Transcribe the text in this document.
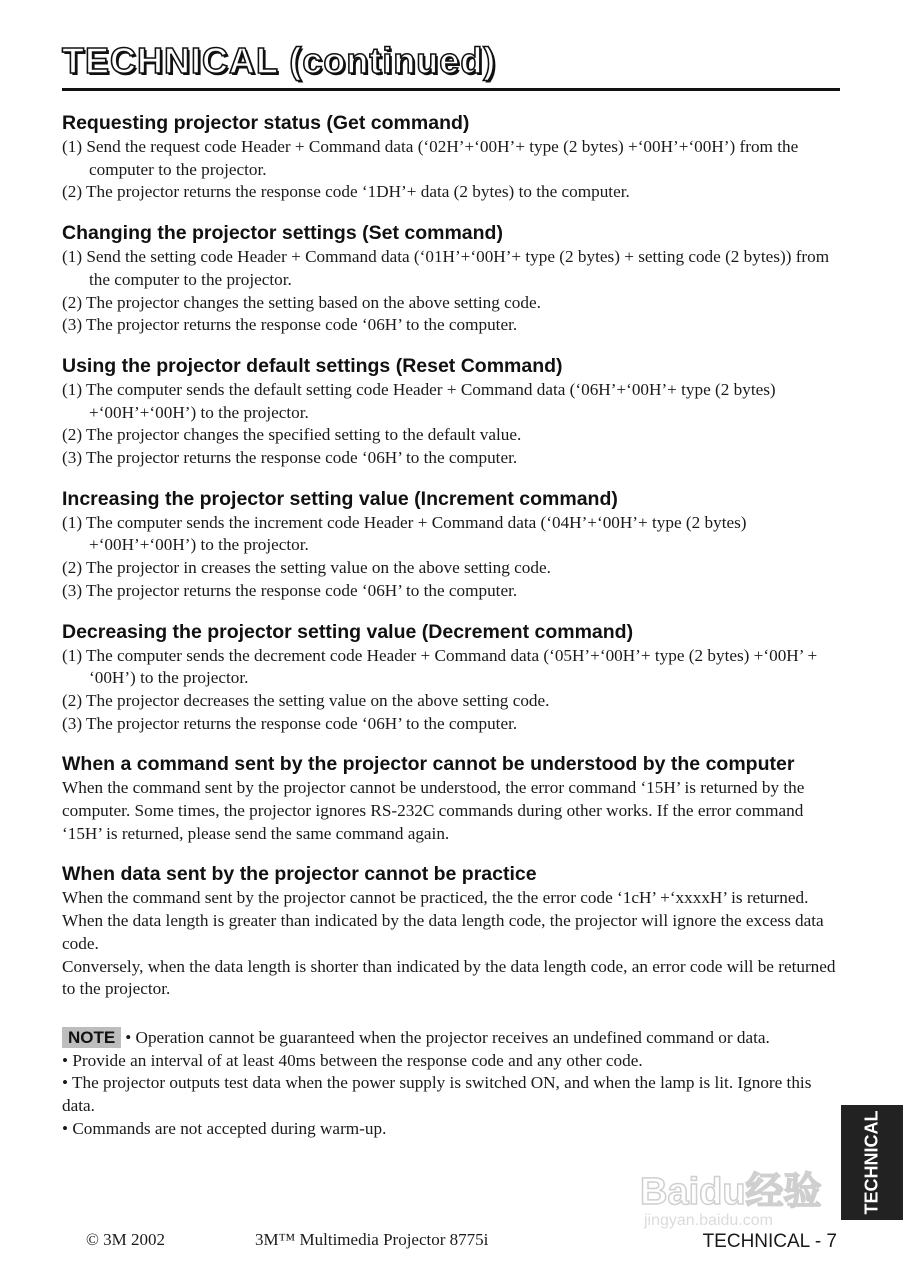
TECHNICAL (continued)
Requesting projector status (Get command)

(1) Send the request code Header + Command data (‘02H’+‘00H’+ type (2 bytes) +‘00H’+‘00H’) from the computer to the projector.

(2) The projector returns the response code ‘1DH’+ data (2 bytes) to the computer.

Changing the projector settings (Set command)

(1) Send the setting code Header + Command data (‘01H’+‘00H’+ type (2 bytes) + setting code (2 bytes)) from the computer to the projector.

(2) The projector changes the setting based on the above setting code.

(3) The projector returns the response code ‘06H’ to the computer.

Using the projector default settings (Reset Command)

(1) The computer sends the default setting code Header + Command data (‘06H’+‘00H’+ type (2 bytes) +‘00H’+‘00H’) to the projector.

(2) The projector changes the specified setting to the default value.

(3) The projector returns the response code ‘06H’ to the computer.

Increasing the projector setting value (Increment command)

(1) The computer sends the increment code Header + Command data (‘04H’+‘00H’+ type (2 bytes) +‘00H’+‘00H’) to the projector.

(2) The projector in creases the setting value on the above setting code.

(3) The projector returns the response code ‘06H’ to the computer.

Decreasing the projector setting value (Decrement command)

(1) The computer sends the decrement code Header + Command data (‘05H’+‘00H’+ type (2 bytes) +‘00H’ + ‘00H’) to the projector.

(2) The projector decreases the setting value on the above setting code.

(3) The projector returns the response code ‘06H’ to the computer.

When a command sent by the projector cannot be understood by the computer

When the command sent by the projector cannot be understood, the error command ‘15H’ is returned by the computer. Some times, the projector ignores RS-232C commands during other works. If the error command ‘15H’ is returned, please send the same command again.

When data sent by the projector cannot be practice

When the command sent by the projector cannot be practiced, the the error code ‘1cH’ +‘xxxxH’ is returned.

When the data length is greater than indicated by the data length code, the projector will ignore the excess data code.

Conversely, when the data length is shorter than indicated by the data length code, an error code will be returned to the projector.

NOTE • Operation cannot be guaranteed when the projector receives an undefined command or data.

• Provide an interval of at least 40ms between the response code and any other code.

• The projector outputs test data when the power supply is switched ON, and when the lamp is lit. Ignore this data.

• Commands are not accepted during warm-up.	TECHNICAL
Baidu经验
jingyan.baidu.com
© 3M 2002	3M™ Multimedia Projector 8775i	TECHNICAL - 7
